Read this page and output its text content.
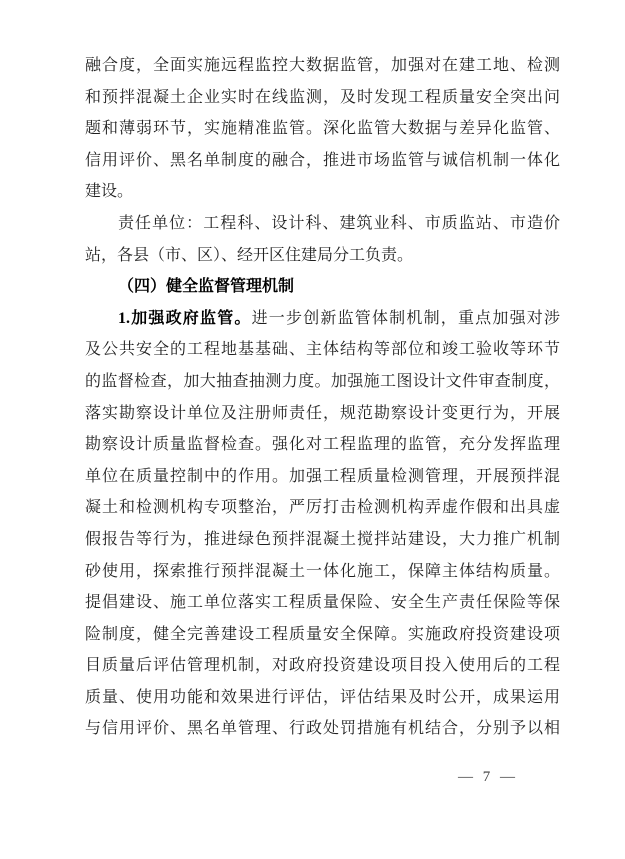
融合度，全面实施远程监控大数据监管，加强对在建工地、检测
和预拌混凝土企业实时在线监测，及时发现工程质量安全突出问
题和薄弱环节，实施精准监管。深化监管大数据与差异化监管、
信用评价、黑名单制度的融合，推进市场监管与诚信机制一体化
建设。
责任单位：工程科、设计科、建筑业科、市质监站、市造价
站，各县（市、区）、经开区住建局分工负责。
（四）健全监督管理机制
1.加强政府监管。进一步创新监管体制机制，重点加强对涉
及公共安全的工程地基基础、主体结构等部位和竣工验收等环节
的监督检查，加大抽查抽测力度。加强施工图设计文件审查制度，
落实勘察设计单位及注册师责任，规范勘察设计变更行为，开展
勘察设计质量监督检查。强化对工程监理的监管，充分发挥监理
单位在质量控制中的作用。加强工程质量检测管理，开展预拌混
凝土和检测机构专项整治，严厉打击检测机构弄虚作假和出具虚
假报告等行为，推进绿色预拌混凝土搅拌站建设，大力推广机制
砂使用，探索推行预拌混凝土一体化施工，保障主体结构质量。
提倡建设、施工单位落实工程质量保险、安全生产责任保险等保
险制度，健全完善建设工程质量安全保障。实施政府投资建设项
目质量后评估管理机制，对政府投资建设项目投入使用后的工程
质量、使用功能和效果进行评估，评估结果及时公开，成果运用
与信用评价、黑名单管理、行政处罚措施有机结合，分别予以相
— 7 —
